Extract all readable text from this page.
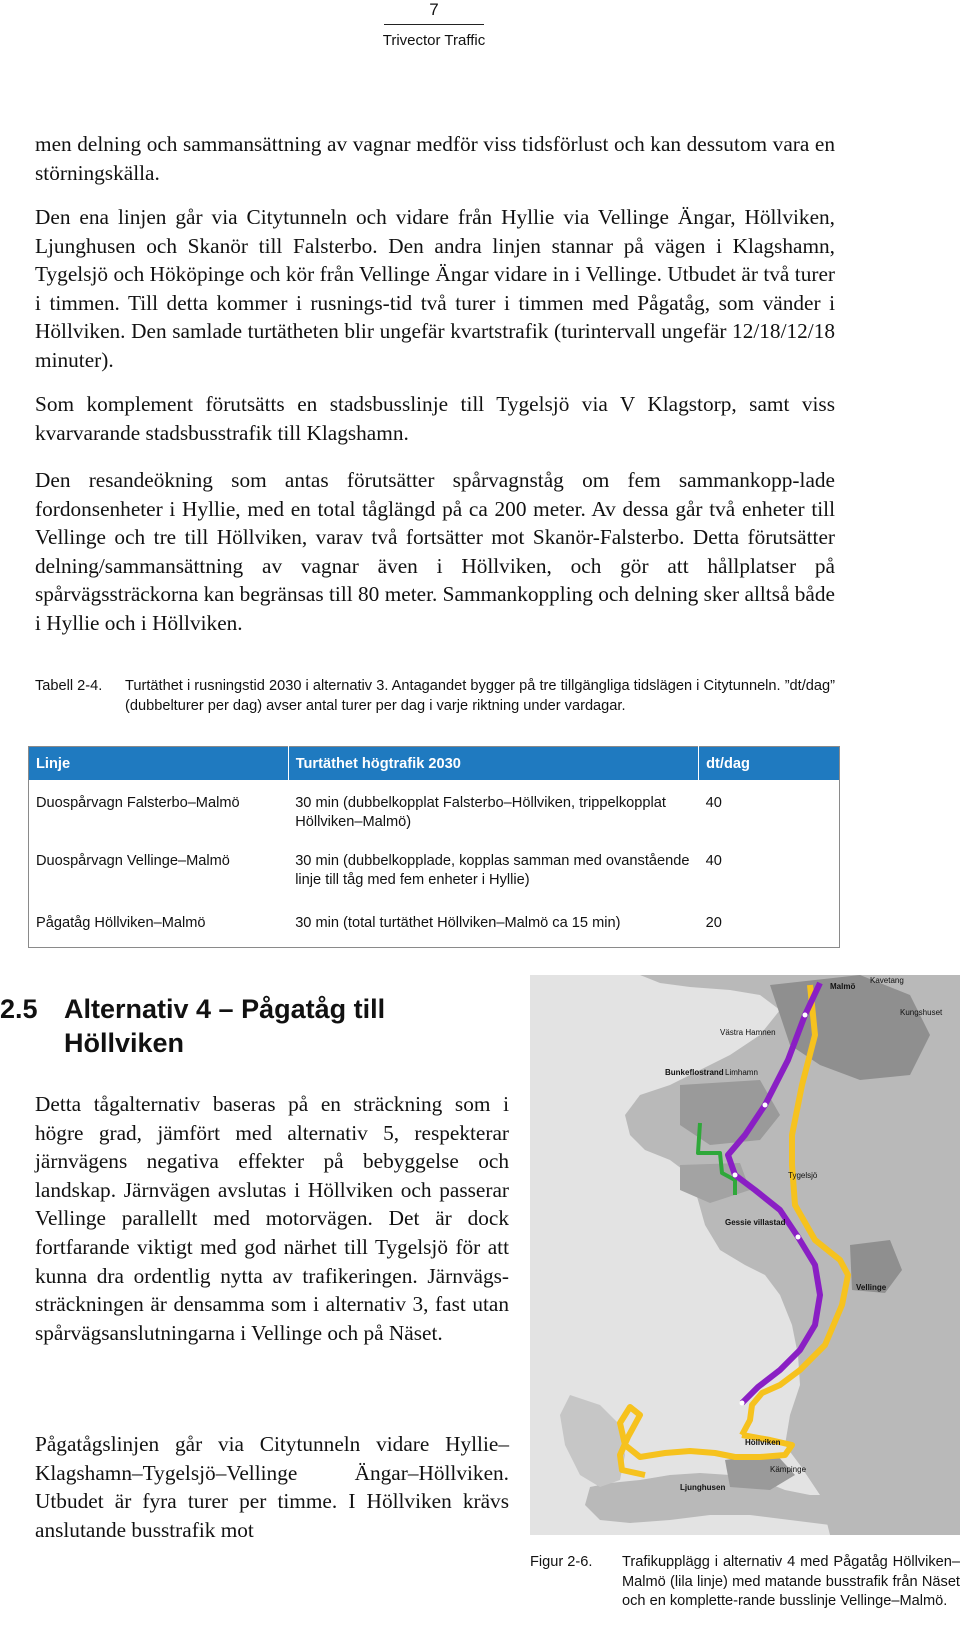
7
Trivector Traffic

men delning och sammansättning av vagnar medför viss tidsförlust och kan dessutom vara en störningskälla.

Den ena linjen går via Citytunneln och vidare från Hyllie via Vellinge Ängar, Höllviken, Ljunghusen och Skanör till Falsterbo. Den andra linjen stannar på vägen i Klagshamn, Tygelsjö och Hököpinge och kör från Vellinge Ängar vidare in i Vellinge. Utbudet är två turer i timmen. Till detta kommer i rusnings-tid två turer i timmen med Pågatåg, som vänder i Höllviken. Den samlade turtätheten blir ungefär kvartstrafik (turintervall ungefär 12/18/12/18 minuter).

Som komplement förutsätts en stadsbusslinje till Tygelsjö via V Klagstorp, samt viss kvarvarande stadsbusstrafik till Klagshamn.

Den resandeökning som antas förutsätter spårvagnståg om fem sammankopp-lade fordonsenheter i Hyllie, med en total tåglängd på ca 200 meter. Av dessa går två enheter till Vellinge och tre till Höllviken, varav två fortsätter mot Skanör-Falsterbo. Detta förutsätter delning/sammansättning av vagnar även i Höllviken, och gör att hållplatser på spårvägssträckorna kan begränsas till 80 meter. Sammankoppling och delning sker alltså både i Hyllie och i Höllviken.

Tabell 2-4. Turtäthet i rusningstid 2030 i alternativ 3. Antagandet bygger på tre tillgängliga tidslägen i Citytunneln. ”dt/dag” (dubbelturer per dag) avser antal turer per dag i varje riktning under vardagar.
Linje	Turtäthet högtrafik 2030	dt/dag
Duospårvagn Falsterbo–Malmö	30 min (dubbelkopplat Falsterbo–Höllviken, trippelkopplat Höllviken–Malmö)	40
Duospårvagn Vellinge–Malmö	30 min (dubbelkopplade, kopplas samman med ovanstående linje till tåg med fem enheter i Hyllie)	40
Pågatåg Höllviken–Malmö	30 min (total turtäthet Höllviken–Malmö ca 15 min)	20
2.5 Alternativ 4 – Pågatåg till Höllviken

Detta tågalternativ baseras på en sträckning som i högre grad, jämfört med alternativ 5, respekterar järnvägens negativa effekter på bebyggelse och landskap. Järnvägen avslutas i Höllviken och passerar Vellinge parallellt med motorvägen. Det är dock fortfarande viktigt med god närhet till Tygelsjö för att kunna dra ordentlig nytta av trafikeringen. Järnvägs-sträckningen är densamma som i alternativ 3, fast utan spårvägsanslutningarna i Vellinge och på Näset.

Pågatågslinjen går via Citytunneln vidare Hyllie–Klagshamn–Tygelsjö–Vellinge Ängar–Höllviken. Utbudet är fyra turer per timme. I Höllviken krävs anslutande busstrafik mot

Malmö
Kavetang
Kungshuset
Västra Hamnen
Limhamn
Bunkeflostrand
Tygelsjö
Gessie villastad
Vellinge
Höllviken
Ljunghusen
Kämpinge
Figur 2-6. Trafikupplägg i alternativ 4 med Pågatåg Höllviken–Malmö (lila linje) med matande busstrafik från Näset och en komplette-rande busslinje Vellinge–Malmö.
